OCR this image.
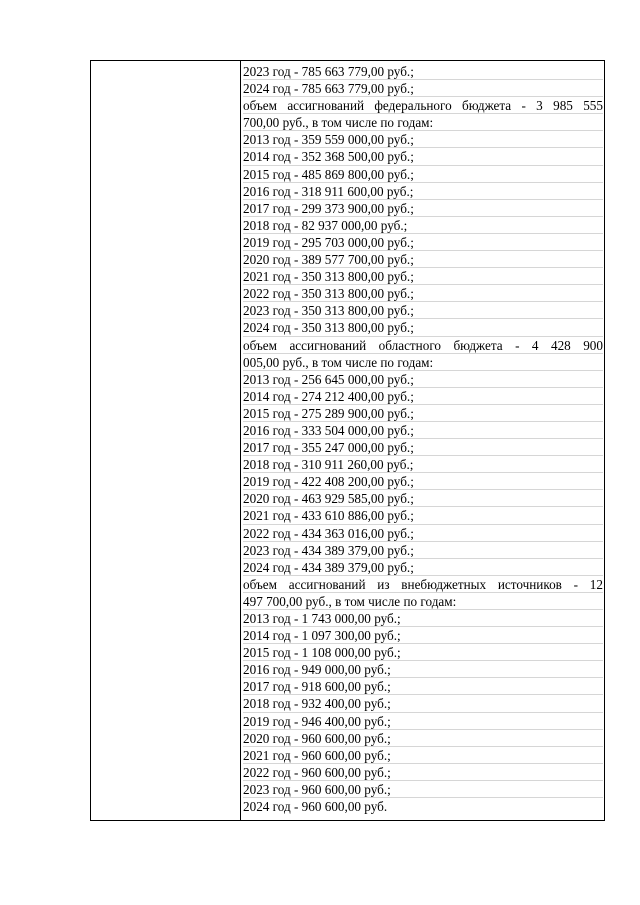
2023 год - 785 663 779,00 руб.;
2024 год - 785 663 779,00 руб.;
объем ассигнований федерального бюджета - 3 985 555
700,00 руб., в том числе по годам:
2013 год - 359 559 000,00 руб.;
2014 год - 352 368 500,00 руб.;
2015 год - 485 869 800,00 руб.;
2016 год - 318 911 600,00 руб.;
2017 год - 299 373 900,00 руб.;
2018 год - 82 937 000,00 руб.;
2019 год - 295 703 000,00 руб.;
2020 год - 389 577 700,00 руб.;
2021 год - 350 313 800,00 руб.;
2022 год - 350 313 800,00 руб.;
2023 год - 350 313 800,00 руб.;
2024 год - 350 313 800,00 руб.;
объем ассигнований областного бюджета - 4 428 900
005,00 руб., в том числе по годам:
2013 год - 256 645 000,00 руб.;
2014 год - 274 212 400,00 руб.;
2015 год - 275 289 900,00 руб.;
2016 год - 333 504 000,00 руб.;
2017 год - 355 247 000,00 руб.;
2018 год - 310 911 260,00 руб.;
2019 год - 422 408 200,00 руб.;
2020 год - 463 929 585,00 руб.;
2021 год - 433 610 886,00 руб.;
2022 год - 434 363 016,00 руб.;
2023 год - 434 389 379,00 руб.;
2024 год - 434 389 379,00 руб.;
объем ассигнований из внебюджетных источников - 12
497 700,00 руб., в том числе по годам:
2013 год - 1 743 000,00 руб.;
2014 год - 1 097 300,00 руб.;
2015 год - 1 108 000,00 руб.;
2016 год - 949 000,00 руб.;
2017 год - 918 600,00 руб.;
2018 год - 932 400,00 руб.;
2019 год - 946 400,00 руб.;
2020 год - 960 600,00 руб.;
2021 год - 960 600,00 руб.;
2022 год - 960 600,00 руб.;
2023 год - 960 600,00 руб.;
2024 год - 960 600,00 руб.
